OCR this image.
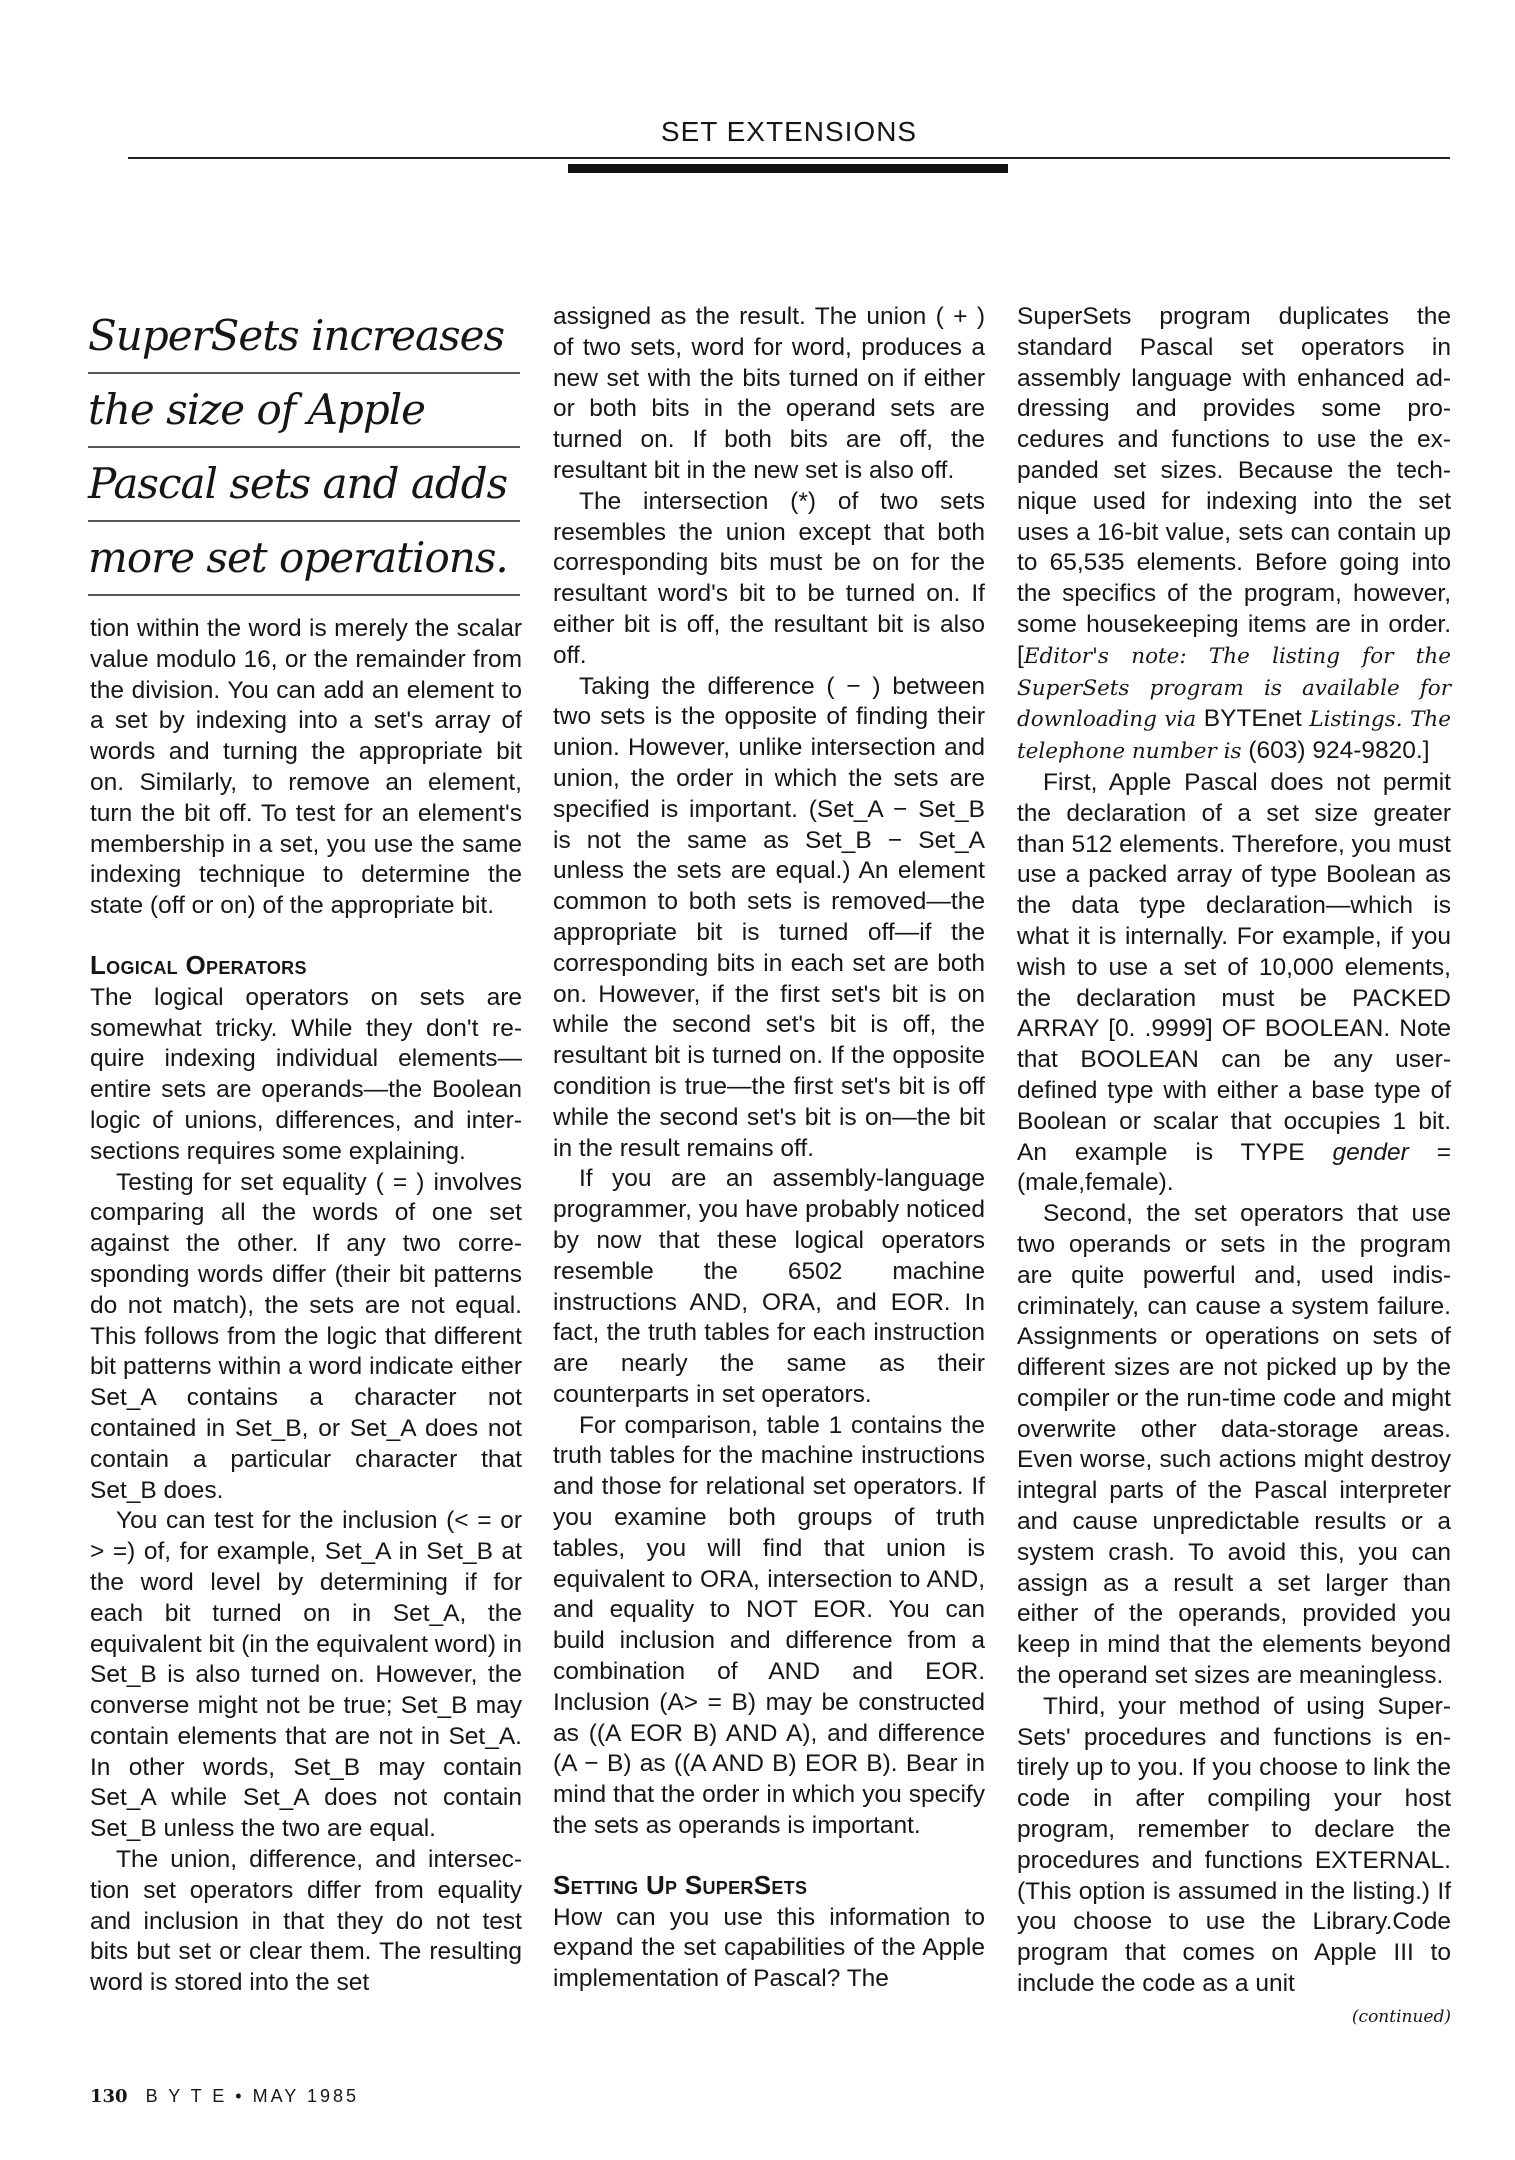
SET EXTENSIONS
SuperSets increases
the size of Apple
Pascal sets and adds
more set operations.

tion within the word is merely the scalar value modulo 16, or the remainder from the division. You can add an element to a set by indexing into a set's array of words and turning the appropriate bit on. Similarly, to remove an element, turn the bit off. To test for an element's membership in a set, you use the same indexing technique to determine the state (off or on) of the appropriate bit.

Logical Operators

The logical operators on sets are somewhat tricky. While they don't require indexing individual elements—entire sets are operands—the Boolean logic of unions, differences, and intersections requires some explaining.

Testing for set equality ( = ) involves comparing all the words of one set against the other. If any two corresponding words differ (their bit patterns do not match), the sets are not equal. This follows from the logic that different bit patterns within a word indicate either Set_A contains a character not contained in Set_B, or Set_A does not contain a particular character that Set_B does.

You can test for the inclusion (< = or > =) of, for example, Set_A in Set_B at the word level by determining if for each bit turned on in Set_A, the equivalent bit (in the equivalent word) in Set_B is also turned on. However, the converse might not be true; Set_B may contain elements that are not in Set_A. In other words, Set_B may contain Set_A while Set_A does not contain Set_B unless the two are equal.

The union, difference, and intersection set operators differ from equality and inclusion in that they do not test bits but set or clear them. The resulting word is stored into the set

assigned as the result. The union ( + ) of two sets, word for word, produces a new set with the bits turned on if either or both bits in the operand sets are turned on. If both bits are off, the resultant bit in the new set is also off.

The intersection (*) of two sets resembles the union except that both corresponding bits must be on for the resultant word's bit to be turned on. If either bit is off, the resultant bit is also off.

Taking the difference ( − ) between two sets is the opposite of finding their union. However, unlike intersection and union, the order in which the sets are specified is important. (Set_A − Set_B is not the same as Set_B − Set_A unless the sets are equal.) An element common to both sets is removed—the appropriate bit is turned off—if the corresponding bits in each set are both on. However, if the first set's bit is on while the second set's bit is off, the resultant bit is turned on. If the opposite condition is true—the first set's bit is off while the second set's bit is on—the bit in the result remains off.

If you are an assembly-language programmer, you have probably noticed by now that these logical operators resemble the 6502 machine instructions AND, ORA, and EOR. In fact, the truth tables for each instruction are nearly the same as their counterparts in set operators.

For comparison, table 1 contains the truth tables for the machine instructions and those for relational set operators. If you examine both groups of truth tables, you will find that union is equivalent to ORA, intersection to AND, and equality to NOT EOR. You can build inclusion and difference from a combination of AND and EOR. Inclusion (A> = B) may be constructed as ((A EOR B) AND A), and difference (A − B) as ((A AND B) EOR B). Bear in mind that the order in which you specify the sets as operands is important.

Setting Up SuperSets

How can you use this information to expand the set capabilities of the Apple implementation of Pascal? The

SuperSets program duplicates the standard Pascal set operators in assembly language with enhanced addressing and provides some procedures and functions to use the expanded set sizes. Because the technique used for indexing into the set uses a 16-bit value, sets can contain up to 65,535 elements. Before going into the specifics of the program, however, some housekeeping items are in order. [Editor's note: The listing for the SuperSets program is available for downloading via BYTEnet Listings. The telephone number is (603) 924-9820.]

First, Apple Pascal does not permit the declaration of a set size greater than 512 elements. Therefore, you must use a packed array of type Boolean as the data type declaration—which is what it is internally. For example, if you wish to use a set of 10,000 elements, the declaration must be PACKED ARRAY [0. .9999] OF BOOLEAN. Note that BOOLEAN can be any user-defined type with either a base type of Boolean or scalar that occupies 1 bit. An example is TYPE gender = (male,female).

Second, the set operators that use two operands or sets in the program are quite powerful and, used indiscriminately, can cause a system failure. Assignments or operations on sets of different sizes are not picked up by the compiler or the run-time code and might overwrite other data-storage areas. Even worse, such actions might destroy integral parts of the Pascal interpreter and cause unpredictable results or a system crash. To avoid this, you can assign as a result a set larger than either of the operands, provided you keep in mind that the elements beyond the operand set sizes are meaningless.

Third, your method of using SuperSets' procedures and functions is entirely up to you. If you choose to link the code in after compiling your host program, remember to declare the procedures and functions EXTERNAL. (This option is assumed in the listing.) If you choose to use the Library.Code program that comes on Apple III to include the code as a unit

(continued)
130 B Y T E • MAY 1985
